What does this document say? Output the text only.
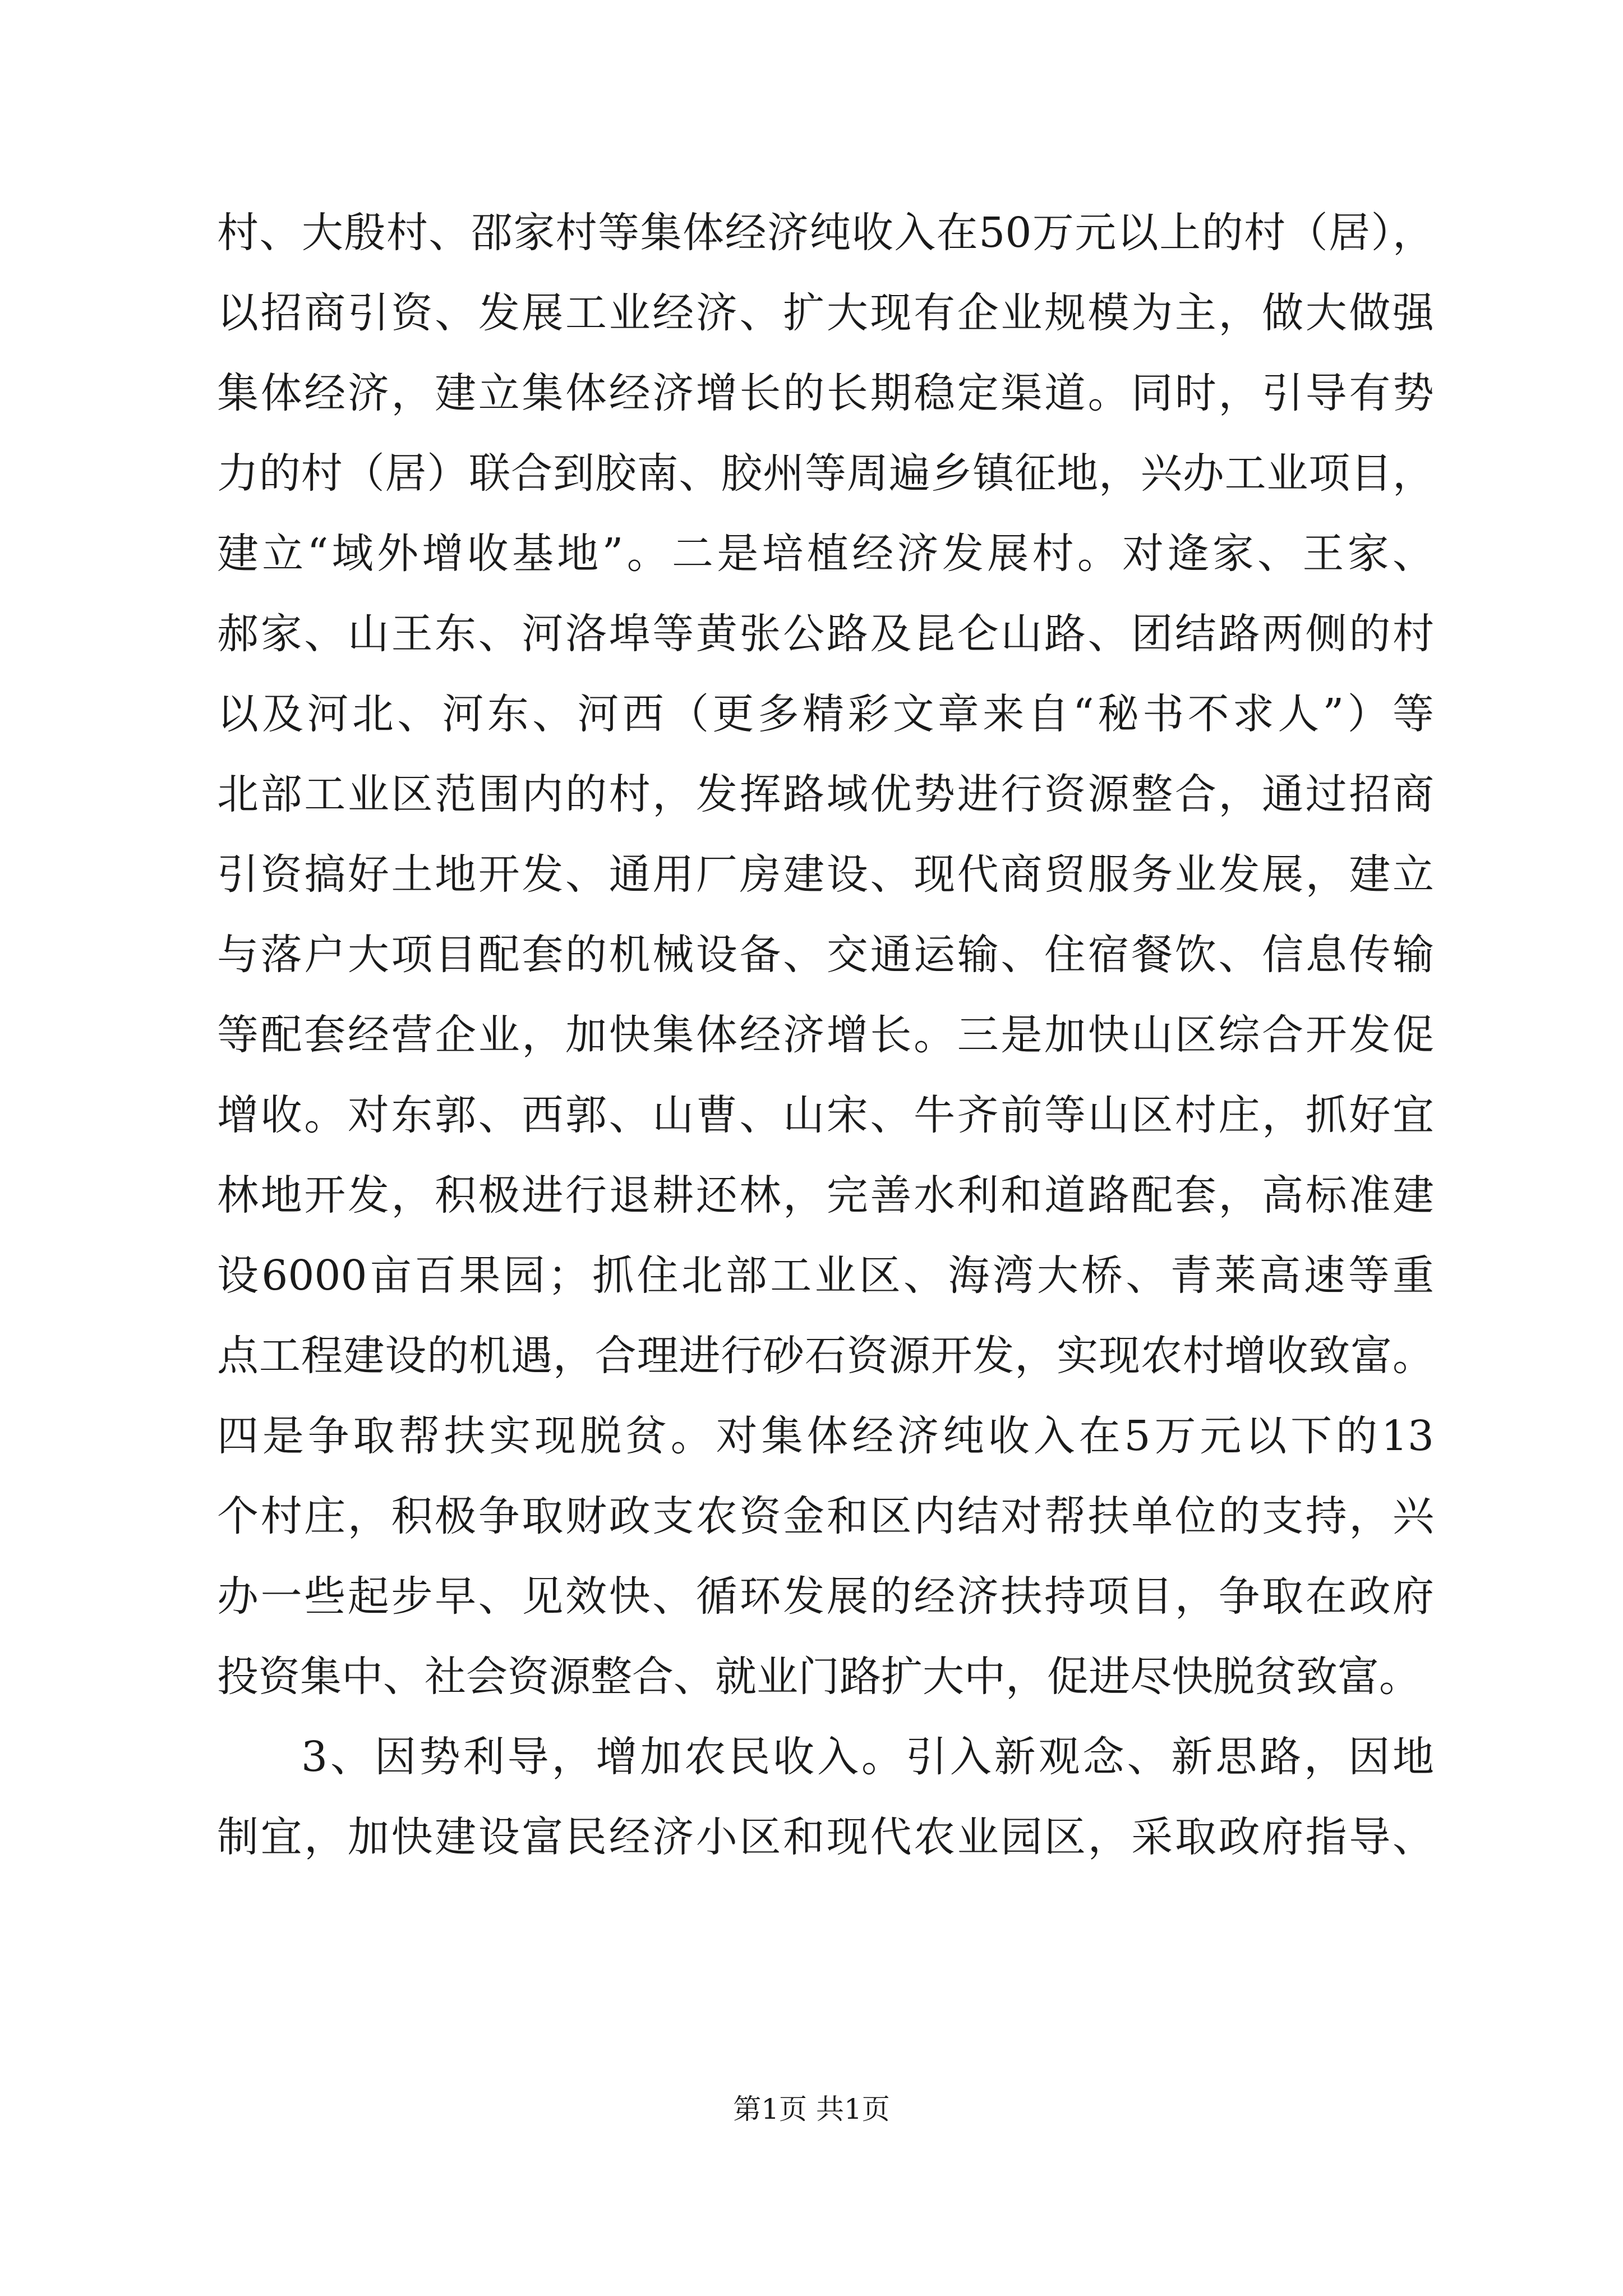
村、大殷村、邵家村等集体经济纯收入在50万元以上的村（居），
以招商引资、发展工业经济、扩大现有企业规模为主，做大做强
集体经济，建立集体经济增长的长期稳定渠道。同时，引导有势
力的村（居）联合到胶南、胶州等周遍乡镇征地，兴办工业项目，
建立“域外增收基地”。二是培植经济发展村。对逄家、王家、
郝家、山王东、河洛埠等黄张公路及昆仑山路、团结路两侧的村
以及河北、河东、河西（更多精彩文章来自“秘书不求人”）等
北部工业区范围内的村，发挥路域优势进行资源整合，通过招商
引资搞好土地开发、通用厂房建设、现代商贸服务业发展，建立
与落户大项目配套的机械设备、交通运输、住宿餐饮、信息传输
等配套经营企业，加快集体经济增长。三是加快山区综合开发促
增收。对东郭、西郭、山曹、山宋、牛齐前等山区村庄，抓好宜
林地开发，积极进行退耕还林，完善水利和道路配套，高标准建
设6000亩百果园；抓住北部工业区、海湾大桥、青莱高速等重
点工程建设的机遇，合理进行砂石资源开发，实现农村增收致富。
四是争取帮扶实现脱贫。对集体经济纯收入在5万元以下的13
个村庄，积极争取财政支农资金和区内结对帮扶单位的支持，兴
办一些起步早、见效快、循环发展的经济扶持项目，争取在政府
投资集中、社会资源整合、就业门路扩大中，促进尽快脱贫致富。
3、因势利导，增加农民收入。引入新观念、新思路，因地
制宜，加快建设富民经济小区和现代农业园区，采取政府指导、
第1页 共1页
